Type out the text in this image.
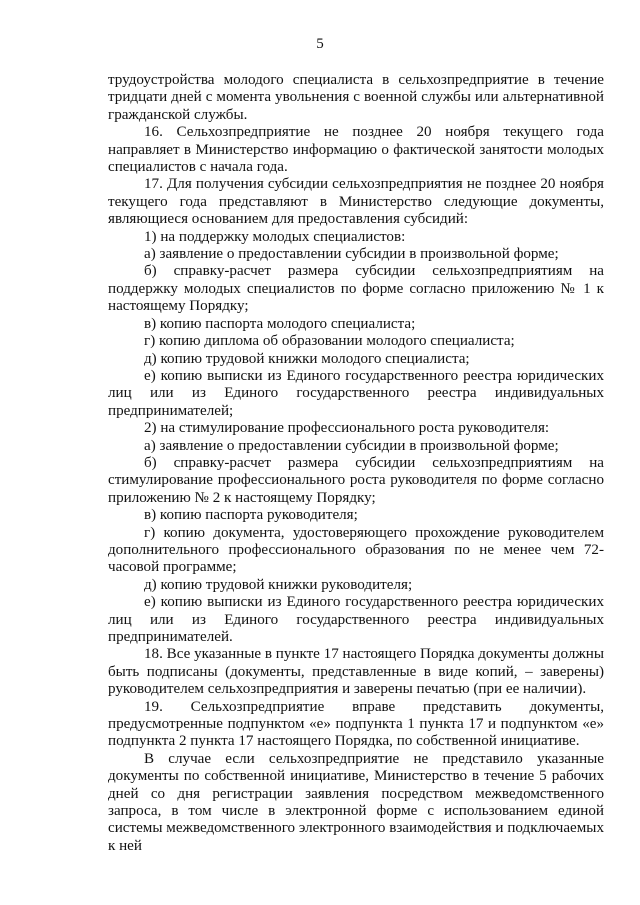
5

трудоустройства молодого специалиста в сельхозпредприятие в течение тридцати дней с момента увольнения с военной службы или альтернативной гражданской службы.

16. Сельхозпредприятие не позднее 20 ноября текущего года направляет в Министерство информацию о фактической занятости молодых специалистов с начала года.

17. Для получения субсидии сельхозпредприятия не позднее 20 ноября текущего года представляют в Министерство следующие документы, являющиеся основанием для предоставления субсидий:

1) на поддержку молодых специалистов:

а) заявление о предоставлении субсидии в произвольной форме;

б) справку-расчет размера субсидии сельхозпредприятиям на поддержку молодых специалистов по форме согласно приложению № 1 к настоящему Порядку;

в) копию паспорта молодого специалиста;

г) копию диплома об образовании молодого специалиста;

д) копию трудовой книжки молодого специалиста;

е) копию выписки из Единого государственного реестра юридических лиц или из Единого государственного реестра индивидуальных предпринимателей;

2) на стимулирование профессионального роста руководителя:

а) заявление о предоставлении субсидии в произвольной форме;

б) справку-расчет размера субсидии сельхозпредприятиям на стимулирование профессионального роста руководителя по форме согласно приложению № 2 к настоящему Порядку;

в) копию паспорта руководителя;

г) копию документа, удостоверяющего прохождение руководителем дополнительного профессионального образования по не менее чем 72-часовой программе;

д) копию трудовой книжки руководителя;

е) копию выписки из Единого государственного реестра юридических лиц или из Единого государственного реестра индивидуальных предпринимателей.

18. Все указанные в пункте 17 настоящего Порядка документы должны быть подписаны (документы, представленные в виде копий, – заверены) руководителем сельхозпредприятия и заверены печатью (при ее наличии).

19. Сельхозпредприятие вправе представить документы, предусмотренные подпунктом «е» подпункта 1 пункта 17 и подпунктом «е» подпункта 2 пункта 17 настоящего Порядка, по собственной инициативе.

В случае если сельхозпредприятие не представило указанные документы по собственной инициативе, Министерство в течение 5 рабочих дней со дня регистрации заявления посредством межведомственного запроса, в том числе в электронной форме с использованием единой системы межведомственного электронного взаимодействия и подключаемых к ней
